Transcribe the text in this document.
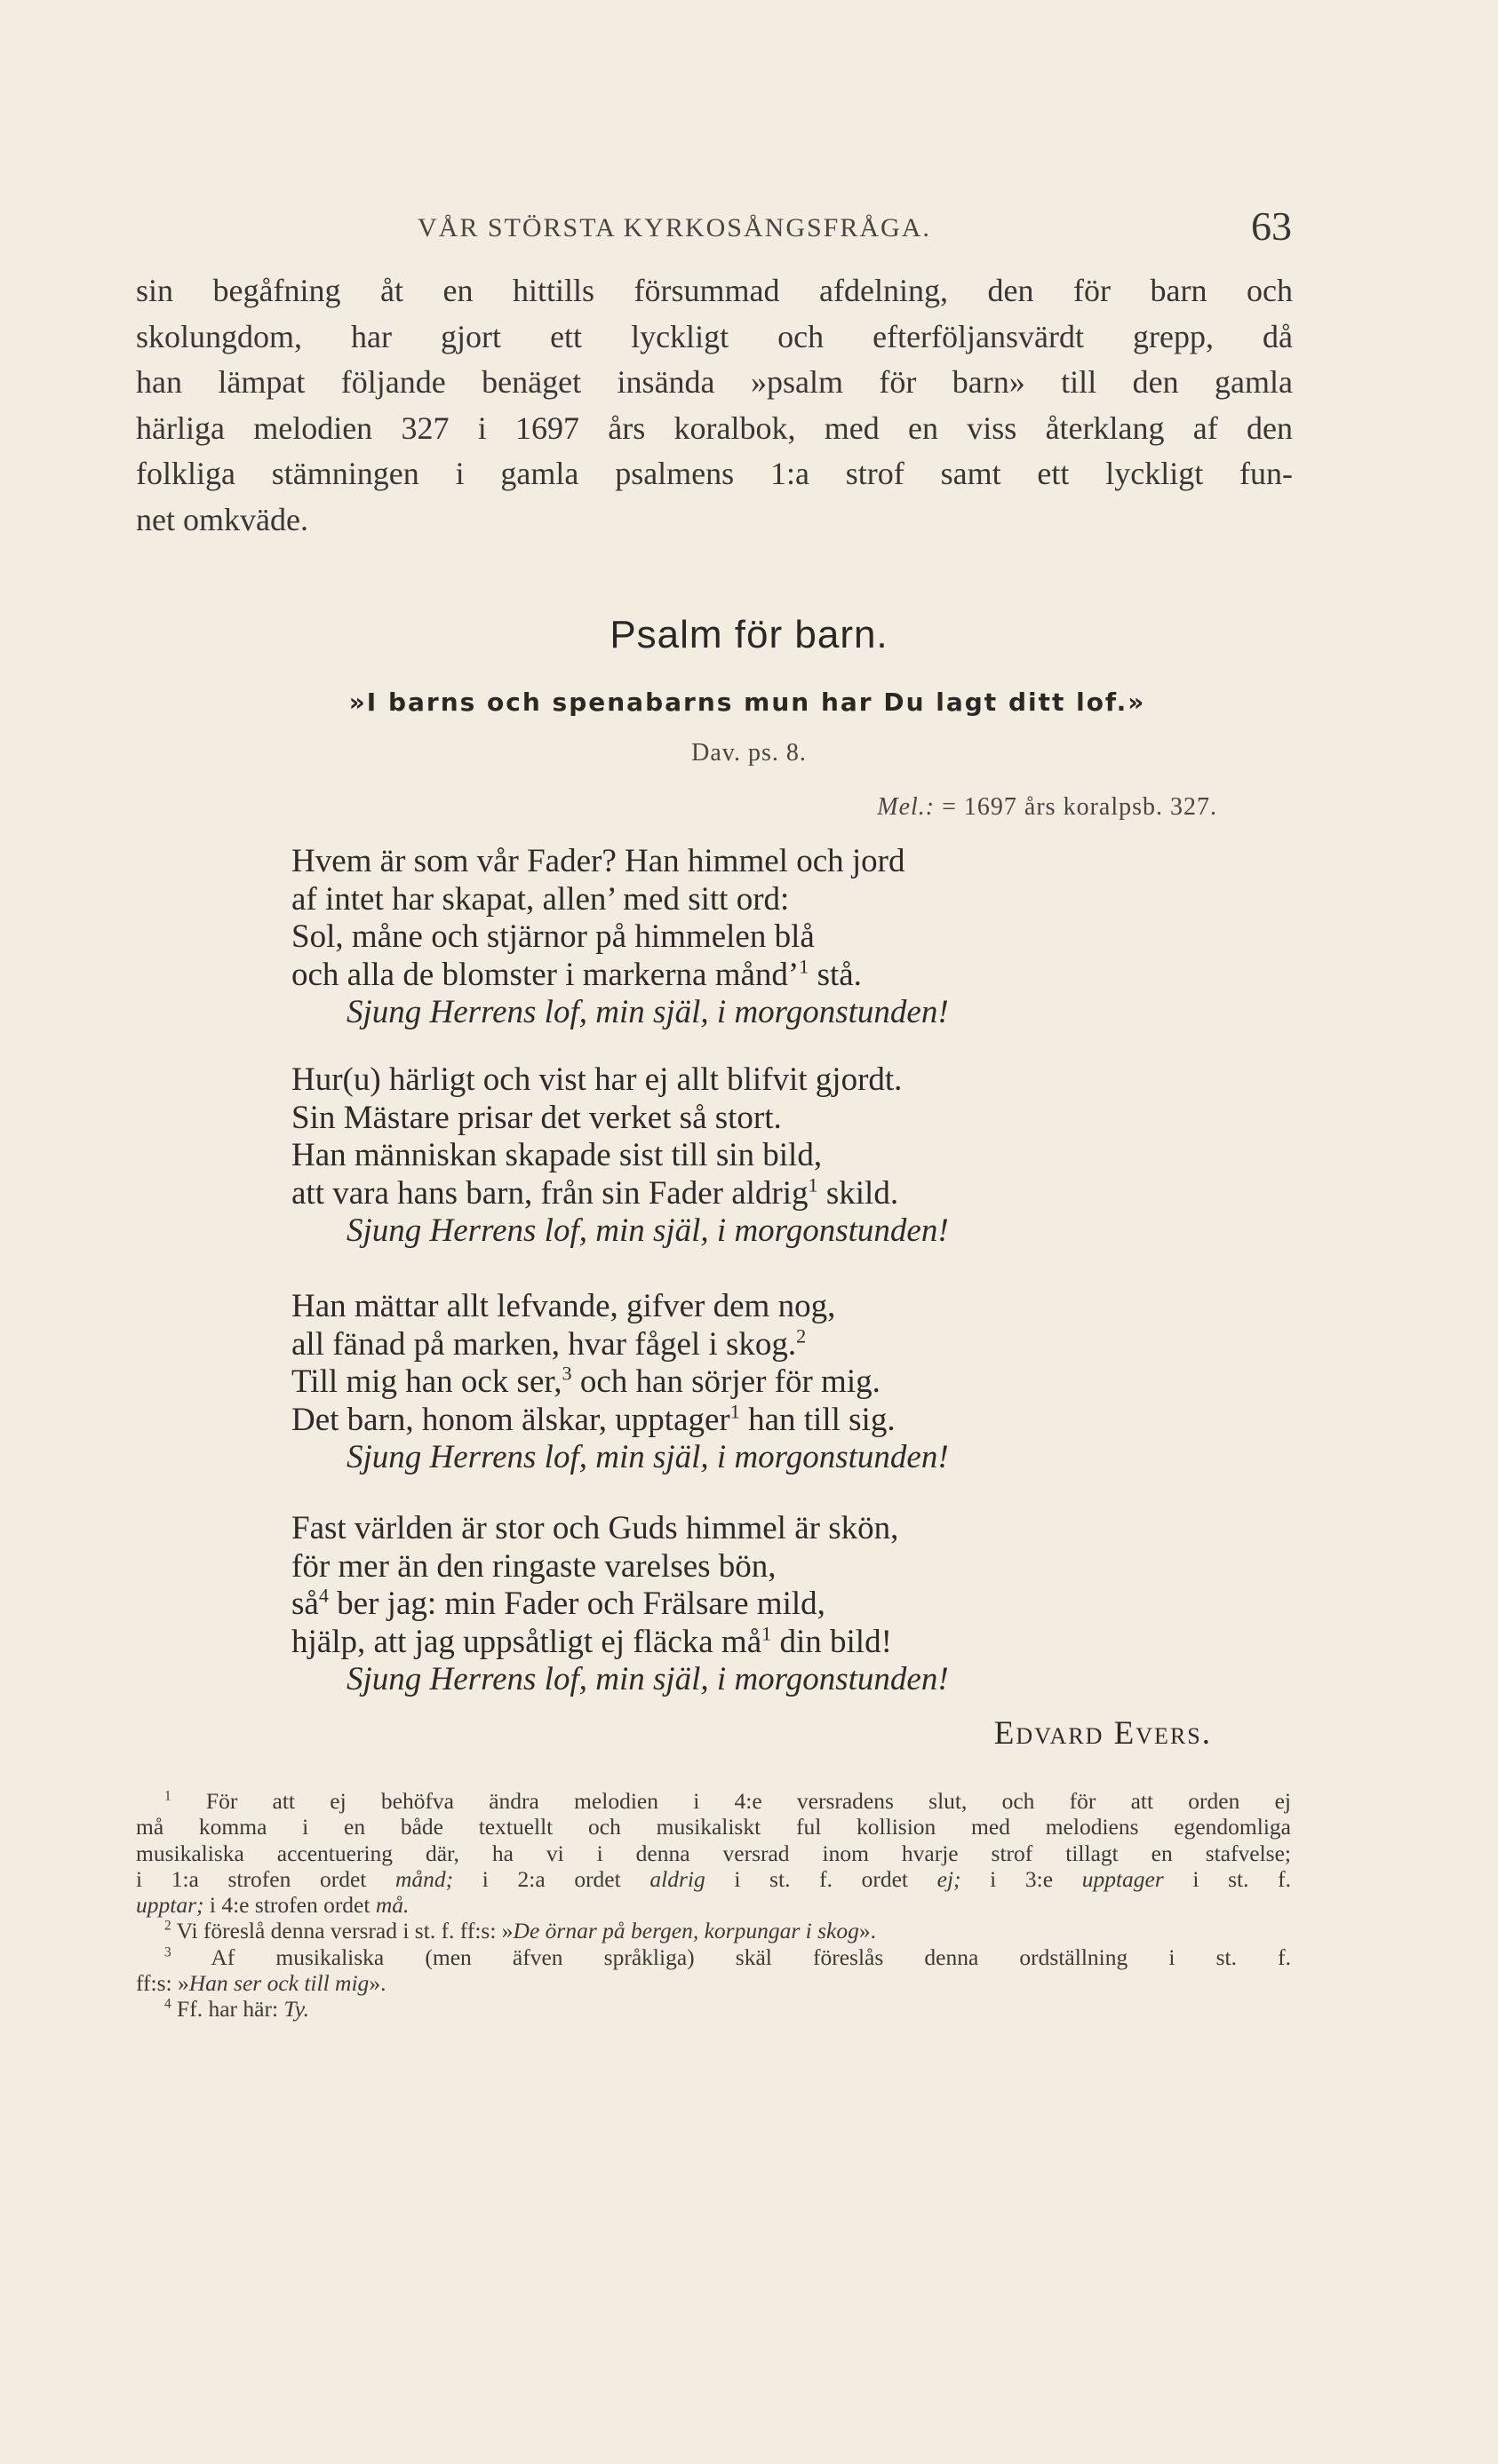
VÅR STÖRSTA KYRKOSÅNGSFRÅGA.	63
sin begåfning åt en hittills försummad afdelning, den för barn och
skolungdom, har gjort ett lyckligt och efterföljansvärdt grepp, då
han lämpat följande benäget insända »psalm för barn» till den gamla
härliga melodien 327 i 1697 års koralbok, med en viss återklang af den
folkliga stämningen i gamla psalmens 1:a strof samt ett lyckligt fun-
net omkväde.
Psalm för barn.
»I barns och spenabarns mun har Du lagt ditt lof.»
Dav. ps. 8.
Mel.: = 1697 års koralpsb. 327.
Hvem är som vår Fader? Han himmel och jord
af intet har skapat, allen’ med sitt ord:
Sol, måne och stjärnor på himmelen blå
och alla de blomster i markerna månd’$^1$ stå.
Sjung Herrens lof, min själ, i morgonstunden!
Hur(u) härligt och vist har ej allt blifvit gjordt.
Sin Mästare prisar det verket så stort.
Han människan skapade sist till sin bild,
att vara hans barn, från sin Fader aldrig$^1$ skild.
Sjung Herrens lof, min själ, i morgonstunden!
Han mättar allt lefvande, gifver dem nog,
all fänad på marken, hvar fågel i skog.$^2$
Till mig han ock ser,$^3$ och han sörjer för mig.
Det barn, honom älskar, upptager$^1$ han till sig.
Sjung Herrens lof, min själ, i morgonstunden!
Fast världen är stor och Guds himmel är skön,
för mer än den ringaste varelses bön,
$så^4$ ber jag: min Fader och Frälsare mild,
hjälp, att jag uppsåtligt ej fläcka $må^1$ din bild!
Sjung Herrens lof, min själ, i morgonstunden!
Edvard Evers.
$^1$ För att ej behöfva ändra melodien i 4:e versradens slut, och för att orden ej
må komma i en både textuellt och musikaliskt ful kollision med melodiens egendomliga
musikaliska accentuering där, ha vi i denna versrad inom hvarje strof tillagt en stafvelse;
i 1:a strofen ordet månd; i 2:a ordet aldrig i st. f. ordet ej; i 3:e upptager i st. f.
upptar; i 4:e strofen ordet må.
$^2$ Vi föreslå denna versrad i st. f. ff:s: »De örnar på bergen, korpungar i skog».
$^3$ Af musikaliska (men äfven språkliga) skäl föreslås denna ordställning i st. f.
ff:s: »Han ser ock till mig».
$^4$ Ff. har här: Ty.
